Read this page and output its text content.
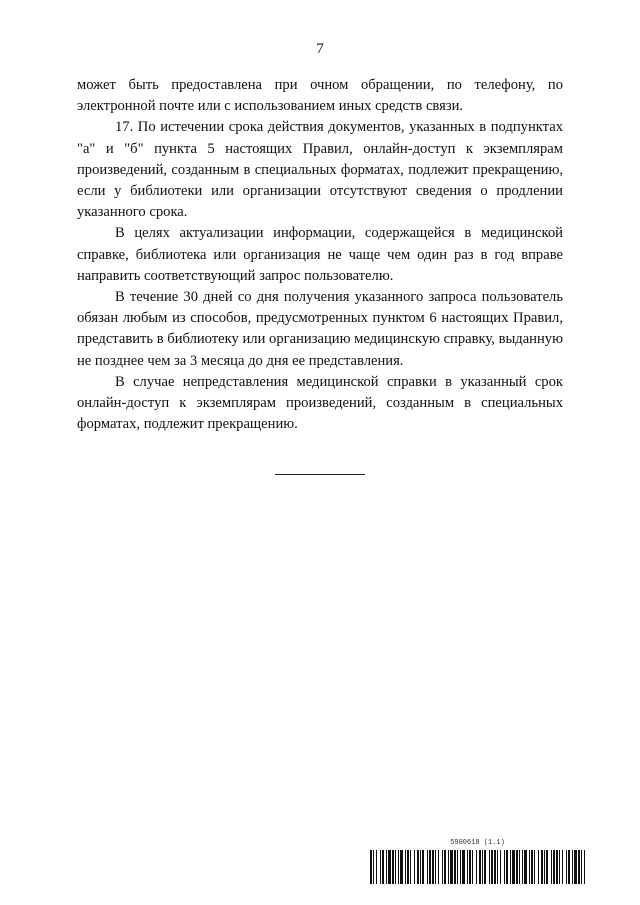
7

может быть предоставлена при очном обращении, по телефону, по электронной почте или с использованием иных средств связи.

17. По истечении срока действия документов, указанных в подпунктах "а" и "б" пункта 5 настоящих Правил, онлайн-доступ к экземплярам произведений, созданным в специальных форматах, подлежит прекращению, если у библиотеки или организации отсутствуют сведения о продлении указанного срока.

В целях актуализации информации, содержащейся в медицинской справке, библиотека или организация не чаще чем один раз в год вправе направить соответствующий запрос пользователю.

В течение 30 дней со дня получения указанного запроса пользователь обязан любым из способов, предусмотренных пунктом 6 настоящих Правил, представить в библиотеку или организацию медицинскую справку, выданную не позднее чем за 3 месяца до дня ее представления.

В случае непредставления медицинской справки в указанный срок онлайн-доступ к экземплярам произведений, созданным в специальных форматах, подлежит прекращению.

5900618 (1.1)
